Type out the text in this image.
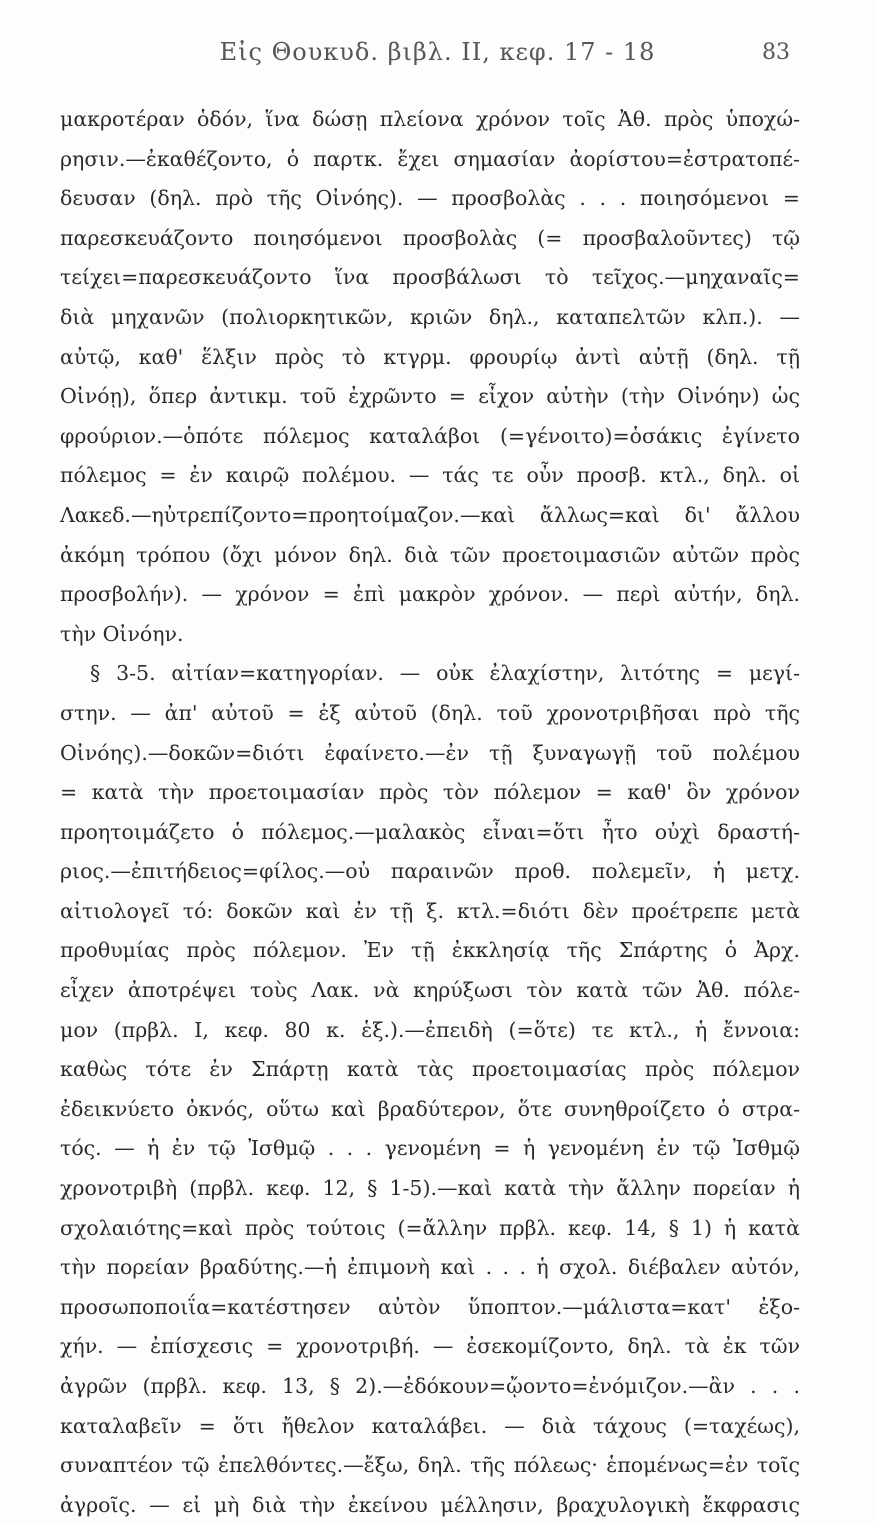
Εἰς Θουκυδ. βιβλ. II, κεφ. 17 - 18	83
μακροτέραν ὁδόν, ἵνα δώσῃ πλείονα χρόνον τοῖς Ἀθ. πρὸς ὑποχώ-
ρησιν.—ἐκαθέζοντο, ὁ παρτκ. ἔχει σημασίαν ἀορίστου=ἐστρατοπέ-
δευσαν (δηλ. πρὸ τῆς Οἰνόης). — προσβολὰς . . . ποιησόμενοι =
παρεσκευάζοντο ποιησόμενοι προσβολὰς (= προσβαλοῦντες) τῷ
τείχει=παρεσκευάζοντο ἵνα προσβάλωσι τὸ τεῖχος.—μηχαναῖς=
διὰ μηχανῶν (πολιορκητικῶν, κριῶν δηλ., καταπελτῶν κλπ.). —
αὐτῷ, καθ' ἕλξιν πρὸς τὸ κτγρμ. φρουρίῳ ἀντὶ αὐτῇ (δηλ. τῇ
Οἰνόῃ), ὅπερ ἀντικμ. τοῦ ἐχρῶντο = εἶχον αὐτὴν (τὴν Οἰνόην) ὡς
φρούριον.—ὁπότε πόλεμος καταλάβοι (=γένοιτο)=ὁσάκις ἐγίνετο
πόλεμος = ἐν καιρῷ πολέμου. — τάς τε οὖν προσβ. κτλ., δηλ. οἱ
Λακεδ.—ηὐτρεπίζοντο=προητοίμαζον.—καὶ ἄλλως=καὶ δι' ἄλλου
ἀκόμη τρόπου (ὄχι μόνον δηλ. διὰ τῶν προετοιμασιῶν αὐτῶν πρὸς
προσβολήν). — χρόνον = ἐπὶ μακρὸν χρόνον. — περὶ αὐτήν, δηλ.
τὴν Οἰνόην.
§ 3-5. αἰτίαν=κατηγορίαν. — οὐκ ἐλαχίστην, λιτότης = μεγί-
στην. — ἀπ' αὐτοῦ = ἐξ αὐτοῦ (δηλ. τοῦ χρονοτριβῆσαι πρὸ τῆς
Οἰνόης).—δοκῶν=διότι ἐφαίνετο.—ἐν τῇ ξυναγωγῇ τοῦ πολέμου
= κατὰ τὴν προετοιμασίαν πρὸς τὸν πόλεμον = καθ' ὃν χρόνον
προητοιμάζετο ὁ πόλεμος.—μαλακὸς εἶναι=ὅτι ἦτο οὐχὶ δραστή-
ριος.—ἐπιτήδειος=φίλος.—οὐ παραινῶν προθ. πολεμεῖν, ἡ μετχ.
αἰτιολογεῖ τό: δοκῶν καὶ ἐν τῇ ξ. κτλ.=διότι δὲν προέτρεπε μετὰ
προθυμίας πρὸς πόλεμον. Ἐν τῇ ἐκκλησίᾳ τῆς Σπάρτης ὁ Ἀρχ.
εἶχεν ἀποτρέψει τοὺς Λακ. νὰ κηρύξωσι τὸν κατὰ τῶν Ἀθ. πόλε-
μον (πρβλ. I, κεφ. 80 κ. ἑξ.).—ἐπειδὴ (=ὅτε) τε κτλ., ἡ ἔννοια:
καθὼς τότε ἐν Σπάρτῃ κατὰ τὰς προετοιμασίας πρὸς πόλεμον
ἐδεικνύετο ὀκνός, οὕτω καὶ βραδύτερον, ὅτε συνηθροίζετο ὁ στρα-
τός. — ἡ ἐν τῷ Ἰσθμῷ . . . γενομένη = ἡ γενομένη ἐν τῷ Ἰσθμῷ
χρονοτριβὴ (πρβλ. κεφ. 12, § 1-5).—καὶ κατὰ τὴν ἄλλην πορείαν ἡ
σχολαιότης=καὶ πρὸς τούτοις (=ἄλλην πρβλ. κεφ. 14, § 1) ἡ κατὰ
τὴν πορείαν βραδύτης.—ἡ ἐπιμονὴ καὶ . . . ἡ σχολ. διέβαλεν αὐτόν,
προσωποποιΐα=κατέστησεν αὐτὸν ὕποπτον.—μάλιστα=κατ' ἐξο-
χήν. — ἐπίσχεσις = χρονοτριβή. — ἐσεκομίζοντο, δηλ. τὰ ἐκ τῶν
ἀγρῶν (πρβλ. κεφ. 13, § 2).—ἐδόκουν=ᾤοντο=ἐνόμιζον.—ἂν . . .
καταλαβεῖν = ὅτι ἤθελον καταλάβει. — διὰ τάχους (=ταχέως),
συναπτέον τῷ ἐπελθόντες.—ἔξω, δηλ. τῆς πόλεως· ἑπομένως=ἐν τοῖς
ἀγροῖς. — εἰ μὴ διὰ τὴν ἐκείνου μέλλησιν, βραχυλογικὴ ἔκφρασις
